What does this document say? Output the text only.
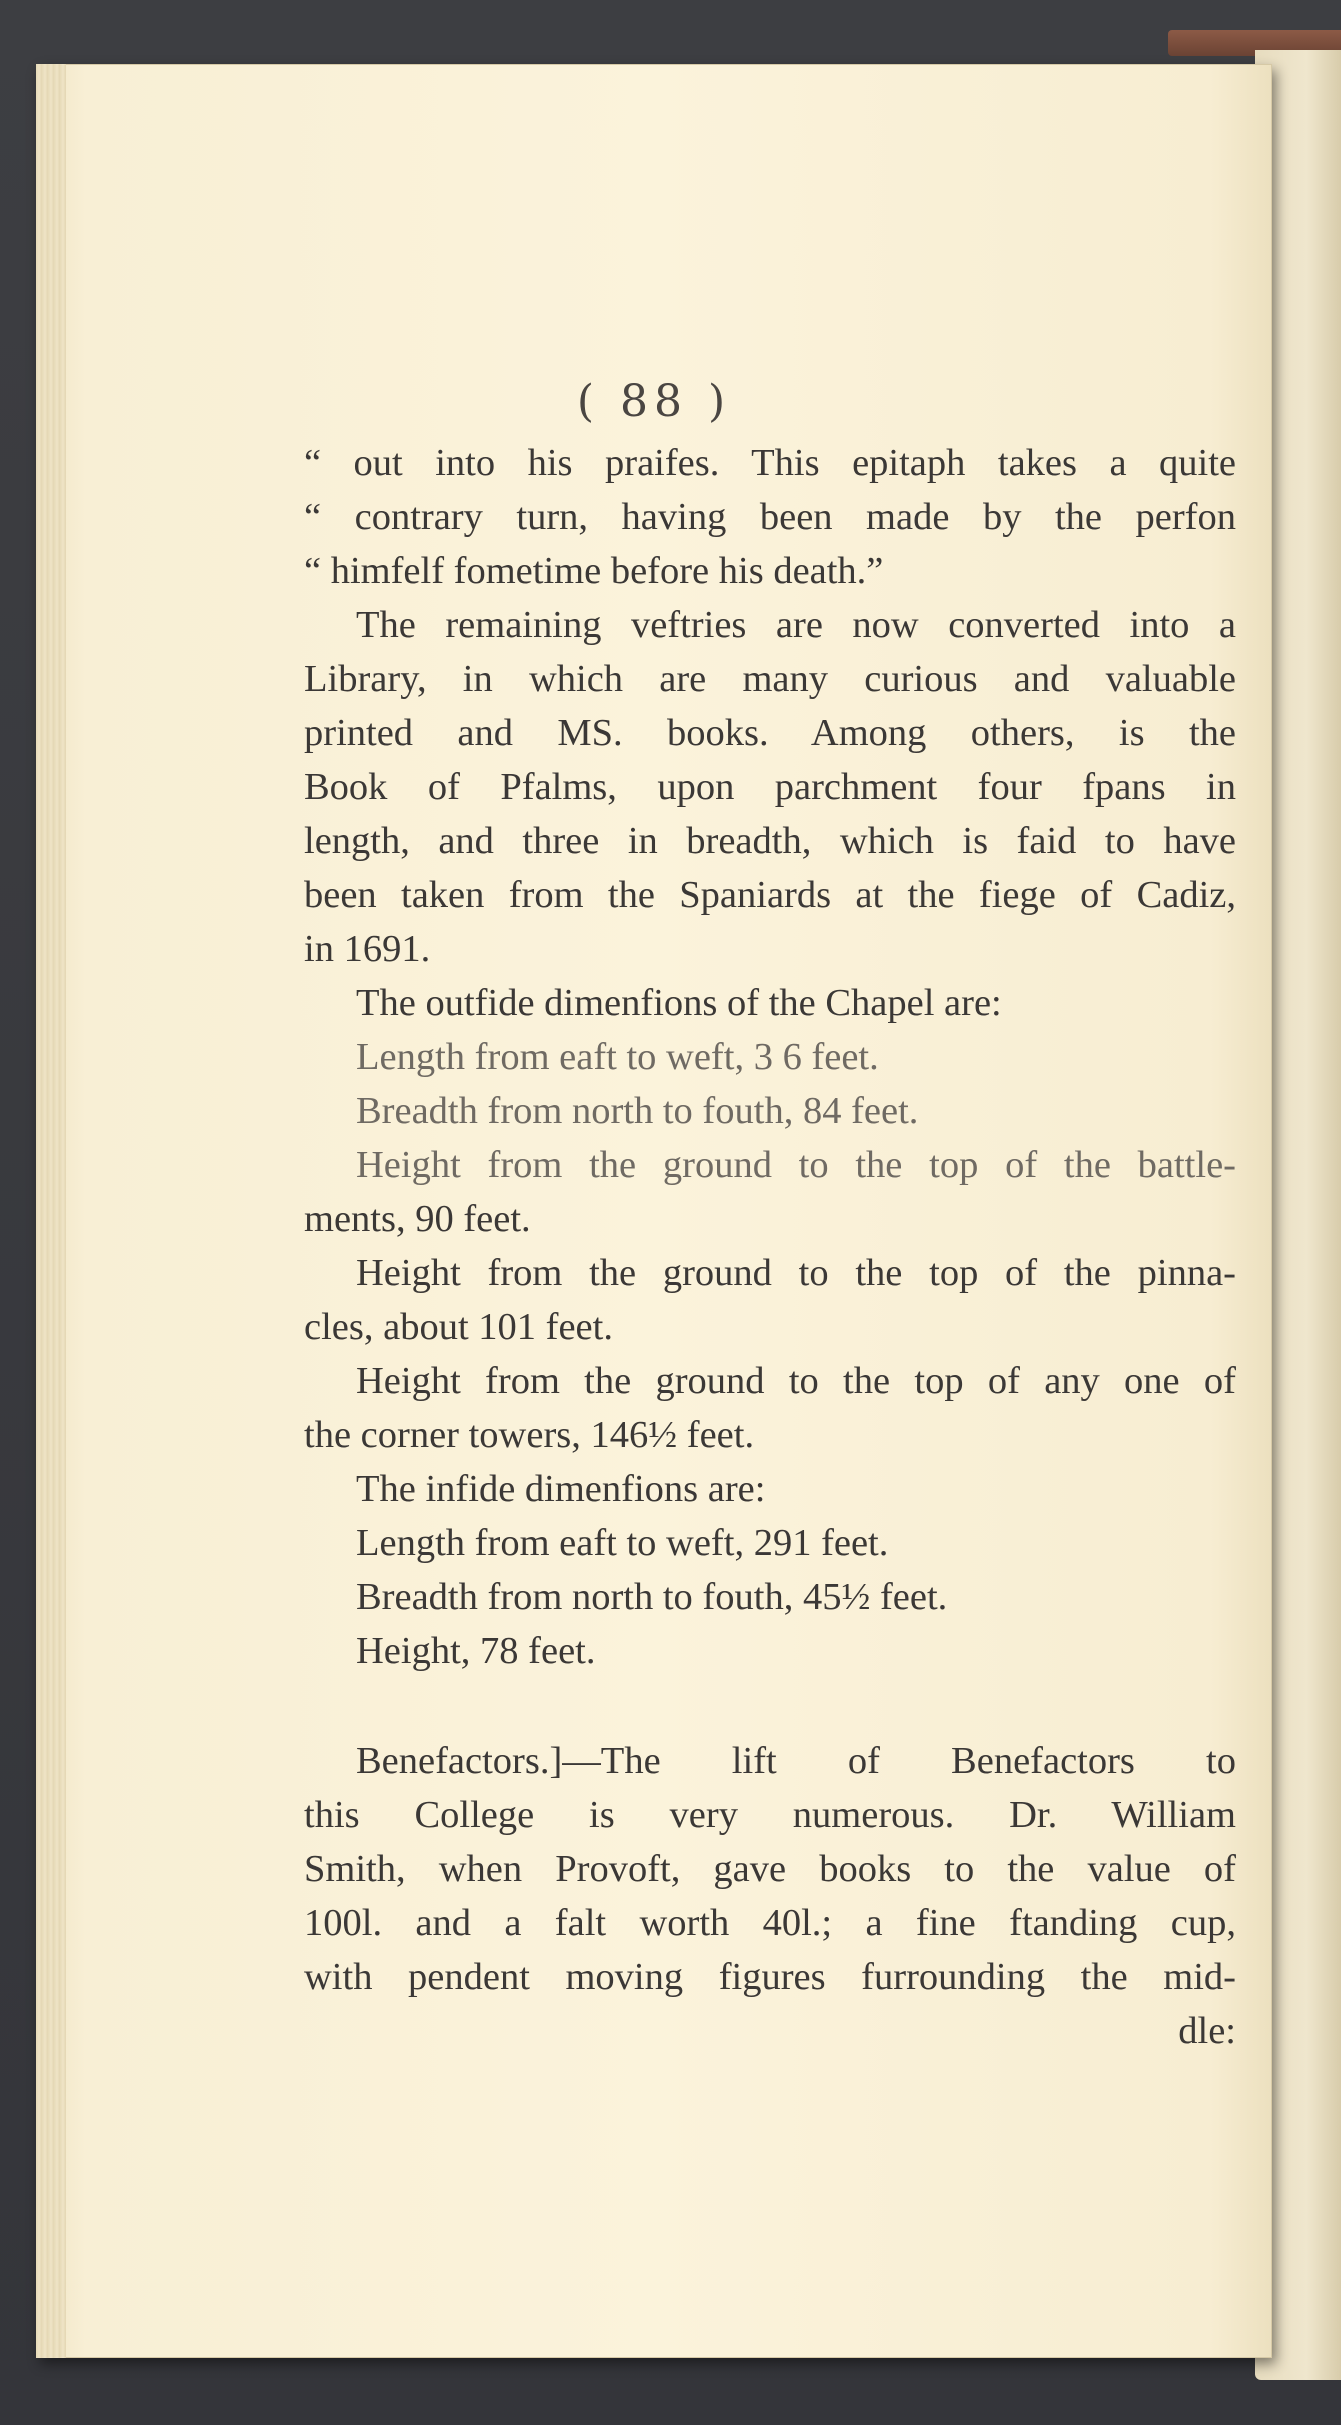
( 88 )
“ out into his praifes. This epitaph takes a quite
“ contrary turn, having been made by the perfon
“ himfelf fometime before his death.”
The remaining veftries are now converted into a
Library, in which are many curious and valuable
printed and MS. books. Among others, is the
Book of Pfalms, upon parchment four fpans in
length, and three in breadth, which is faid to have
been taken from the Spaniards at the fiege of Cadiz,
in 1691.
The outfide dimenfions of the Chapel are:
Length from eaft to weft, 3 6 feet.
Breadth from north to fouth, 84 feet.
Height from the ground to the top of the battle-
ments, 90 feet.
Height from the ground to the top of the pinna-
cles, about 101 feet.
Height from the ground to the top of any one of
the corner towers, 146½ feet.
The infide dimenfions are:
Length from eaft to weft, 291 feet.
Breadth from north to fouth, 45½ feet.
Height, 78 feet.
Benefactors.]—The lift of Benefactors to
this College is very numerous. Dr. William
Smith, when Provoft, gave books to the value of
100l. and a falt worth 40l.; a fine ftanding cup,
with pendent moving figures furrounding the mid-
dle:
